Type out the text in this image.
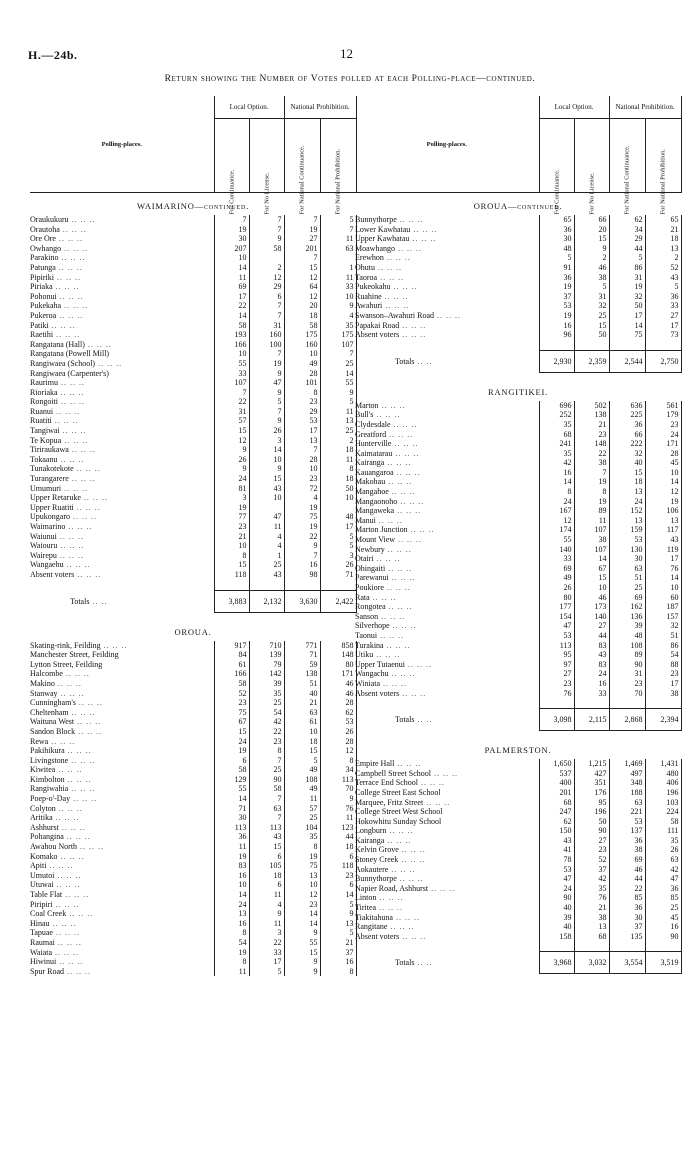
H.—24b.	12
Return showing the Number of Votes polled at each Polling-place—continued.
Polling-places.	Local Option.		National Prohibition.	

	For Continuance.	For No License.	For National Continuance.	For National Prohibition.

WAIMARINO—continued.				
Oraukukuru .. .. ..	7	7	7	5
Orautoha .. .. ..	19	7	19	7
Ore Ore .. .. ..	30	9	27	11
Owhango .. .. ..	207	58	201	63
Parakino .. .. ..	10		7	
Patunga .. .. ..	14	2	15	1
Pipiriki .. .. ..	11	12	12	11
Piriaka .. .. ..	69	29	64	33
Pohonui .. .. ..	17	6	12	10
Pukekaha .. .. ..	22	7	20	9
Pukeroa .. .. ..	14	7	18	4
Patiki .. .. ..	58	31	58	35
Raetihi .. .. ..	193	160	175	175
Rangatana (Hall) .. .. ..	166	100	160	107
Rangatana (Powell Mill)	10	7	10	7
Rangiwaea (School) .. .. ..	55	19	49	25
Rangiwaea (Carpenter's)	33	9	28	14
Raurimu .. .. ..	107	47	101	55
Rioriaka .. .. ..	7	9	8	9
Rongoiti .. .. ..	22	5	23	5
Ruanui .. .. ..	31	7	29	11
Ruatiti .. .. ..	57	9	53	13
Tangiwai .. .. ..	15	26	17	25
Te Kopua .. .. ..	12	3	13	2
Tiriraukawa .. .. ..	9	14	7	18
Tokaanu .. .. ..	26	10	28	11
Tunakotekote .. .. ..	9	9	10	8
Turangarere .. .. ..	24	15	23	18
Umumuri .. .. ..	81	43	72	50
Upper Retaruke .. .. ..	3	10	4	10
Upper Ruatiti .. .. ..	19		19	
Upukongaro .. .. ..	77	47	75	48
Waimarino .. .. ..	23	11	19	17
Waiunui .. .. ..	21	4	22	5
Waiouru .. .. ..	10	4	9	5
Wairepu .. .. ..	8	1	7	3
Wangaehu .. .. ..	15	25	16	26
Absent voters .. .. ..	118	43	98	71

Totals .. ..	3,883	2,132	3,630	2,422
OROUA.				
Skating-rink, Feilding .. .. ..	917	710	771	858
Manchester Street, Feilding	84	139	71	148
Lytton Street, Feilding	61	79	59	80
Halcombe .. .. ..	166	142	138	171
Makino .. .. ..	58	39	51	46
Stanway .. .. ..	52	35	40	46
Cunningham's .. .. ..	23	25	21	28
Cheltenham .. .. ..	75	54	63	62
Waituna West .. .. ..	67	42	61	53
Sandon Block .. .. ..	15	22	10	26
Rewa .. .. ..	24	23	18	28
Pakihikura .. .. ..	19	8	15	12
Livingstone .. .. ..	6	7	5	8
Kiwitea .. .. ..	58	25	49	34
Kimbolton .. .. ..	129	90	108	113
Rangiwahia .. .. ..	55	58	49	70
Poep-o'-Day .. .. ..	14	7	11	9
Colyton .. .. ..	71	63	57	76
Aritika .. .. ..	30	7	25	11
Ashhurst .. .. ..	113	113	104	123
Pohangina .. .. ..	36	43	35	44
Awahou North .. .. ..	11	15	8	18
Komako .. .. ..	19	6	19	6
Apiti .. .. ..	83	105	75	118
Umutoi .. .. ..	16	18	13	23
Utuwai .. .. ..	10	6	10	6
Table Flat .. .. ..	14	11	12	14
Piripiri .. .. ..	24	4	23	5
Coal Creek .. .. ..	13	9	14	9
Hinau .. .. ..	16	11	14	13
Tapuae .. .. ..	8	3	9	5
Raumai .. .. ..	54	22	55	21
Waiata .. .. ..	19	33	15	37
Hiwinui .. .. ..	8	17	9	16
Spur Road .. .. ..	11	5	9	8
Polling-places.	Local Option.		National Prohibition.	

	For Continuance.	For No License.	For National Continuance.	For National Prohibition.

OROUA—continued.				
Bunnythorpe .. .. ..	65	66	62	65
Lower Kawhatau .. .. ..	36	20	34	21
Upper Kawhatau .. .. ..	30	15	29	18
Moawhango .. .. ..	48	9	44	13
Erewhon .. .. ..	5	2	5	2
Ohutu .. .. ..	91	46	86	52
Taoroa .. .. ..	36	38	31	43
Pukeokahu .. .. ..	19	5	19	5
Ruahine .. .. ..	37	31	32	36
Awahuri .. .. ..	53	32	50	33
Swanson–Awahuri Road .. .. ..	19	25	17	27
Papakai Road .. .. ..	16	15	14	17
Absent voters .. .. ..	96	50	75	73

Totals .. ..	2,930	2,359	2,544	2,750
RANGITIKEI.				
Marton .. .. ..	696	502	636	561
Bull's .. .. ..	252	138	225	179
Clydesdale .. .. ..	35	21	36	23
Greatford .. .. ..	68	23	66	24
Hunterville .. .. ..	241	148	222	171
Kaimatarau .. .. ..	35	22	32	28
Kairanga .. .. ..	42	38	40	45
Kauangaroa .. .. ..	16	7	15	10
Makohau .. .. ..	14	19	18	14
Mangahoe .. .. ..	8	8	13	12
Mangaonoho .. .. ..	24	19	24	19
Mangaweka .. .. ..	167	89	152	106
Manui .. .. ..	12	11	13	13
Marton Junction .. .. ..	174	107	159	117
Mount View .. .. ..	55	38	53	43
Newbury .. .. ..	140	107	130	119
Otairi .. .. ..	33	14	30	17
Ohingaiti .. .. ..	69	67	63	76
Parewanui .. .. ..	49	15	51	14
Poukiore .. .. ..	26	10	25	10
Rata .. .. ..	80	46	69	60
Rongotea .. .. ..	177	173	162	187
Sanson .. .. ..	154	140	136	157
Silverhope .. .. ..	47	27	39	32
Taonui .. .. ..	53	44	48	51
Turakina .. .. ..	113	83	108	86
Utiku .. .. ..	95	43	89	54
Upper Tutaenui .. .. ..	97	83	90	88
Wangachu .. .. ..	27	24	31	23
Winiata .. .. ..	23	16	23	17
Absent voters .. .. ..	76	33	70	38

Totals .. ..	3,098	2,115	2,868	2,394
PALMERSTON.				
Empire Hall .. .. ..	1,650	1,215	1,469	1,431
Campbell Street School .. .. ..	537	427	497	480
Terrace End School .. .. ..	400	351	348	406
College Street East School	201	176	188	196
Marquee, Fritz Street .. .. ..	68	95	63	103
College Street West School	247	196	221	224
Hokowhitu Sunday School	62	50	53	58
Longburn .. .. ..	150	90	137	111
Kairanga .. .. ..	43	27	36	35
Kelvin Grove .. .. ..	41	23	38	26
Stoney Creek .. .. ..	78	52	69	63
Aokautere .. .. ..	53	37	46	42
Bunnythorpe .. .. ..	47	42	44	47
Napier Road, Ashhurst .. .. ..	24	35	22	36
Linton .. .. ..	90	76	85	85
Tiritea .. .. ..	40	21	36	25
Tiakitahuna .. .. ..	39	38	30	45
Rangitane .. .. ..	40	13	37	16
Absent voters .. .. ..	158	68	135	90

Totals .. ..	3,968	3,032	3,554	3,519
